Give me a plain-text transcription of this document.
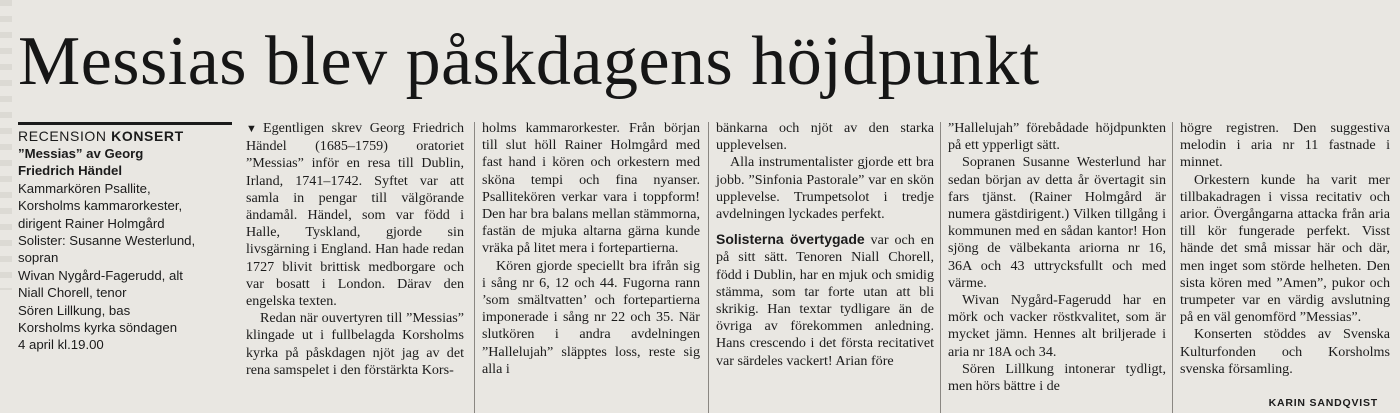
Messias blev påskdagens höjdpunkt
RECENSION KONSERT
”Messias” av Georg
Friedrich Händel
Kammarkören Psallite,
Korsholms kammarorkester,
dirigent Rainer Holmgård
Solister: Susanne Westerlund,
sopran
Wivan Nygård-Fagerudd, alt
Niall Chorell, tenor
Sören Lillkung, bas
Korsholms kyrka söndagen
4 april kl.19.00

▼ Egentligen skrev Georg Friedrich Händel (1685–1759) oratoriet ”Messias” inför en resa till Dublin, Irland, 1741–1742. Syftet var att samla in pengar till välgörande ändamål. Händel, som var född i Halle, Tyskland, gjorde sin livsgärning i England. Han hade redan 1727 blivit brittisk medborgare och var bosatt i London. Därav den engelska texten.

Redan när ouvertyren till ”Messias” klingade ut i fullbelagda Korsholms kyrka på påskdagen njöt jag av det rena samspelet i den förstärkta Kors-

holms kammarorkester. Från början till slut höll Rainer Holmgård med fast hand i kören och orkestern med sköna tempi och fina nyanser. Psallitekören verkar vara i toppform! Den har bra balans mellan stämmorna, fastän de mjuka altarna gärna kunde vräka på litet mera i fortepartierna.

Kören gjorde speciellt bra ifrån sig i sång nr 6, 12 och 44. Fugorna rann ’som smältvatten’ och fortepartierna imponerade i sång nr 22 och 35. När slutkören i andra avdelningen ”Hallelujah” släpptes loss, reste sig alla i

bänkarna och njöt av den starka upplevelsen.

Alla instrumentalister gjorde ett bra jobb. ”Sinfonia Pastorale” var en skön upplevelse. Trumpetsolot i tredje avdelningen lyckades perfekt.

Solisterna övertygade var och en på sitt sätt. Tenoren Niall Chorell, född i Dublin, har en mjuk och smidig stämma, som tar forte utan att bli skrikig. Han textar tydligare än de övriga av förekommen anledning. Hans crescendo i det första recitativet var särdeles vackert! Arian före

”Hallelujah” förebådade höjdpunkten på ett ypperligt sätt.

Sopranen Susanne Westerlund har sedan början av detta år övertagit sin fars tjänst. (Rainer Holmgård är numera gästdirigent.) Vilken tillgång i kommunen med en sådan kantor! Hon sjöng de välbekanta ariorna nr 16, 36A och 43 uttrycksfullt och med värme.

Wivan Nygård-Fagerudd har en mörk och vacker röstkvalitet, som är mycket jämn. Hennes alt briljerade i aria nr 18A och 34.

Sören Lillkung intonerar tydligt, men hörs bättre i de

högre registren. Den suggestiva melodin i aria nr 11 fastnade i minnet.

Orkestern kunde ha varit mer tillbakadragen i vissa recitativ och arior. Övergångarna attacka från aria till kör fungerade perfekt. Visst hände det små missar här och där, men inget som störde helheten. Den sista kören med ”Amen”, pukor och trumpeter var en värdig avslutning på en väl genomförd ”Messias”.

Konserten stöddes av Svenska Kulturfonden och Korsholms svenska församling.

KARIN SANDQVIST
